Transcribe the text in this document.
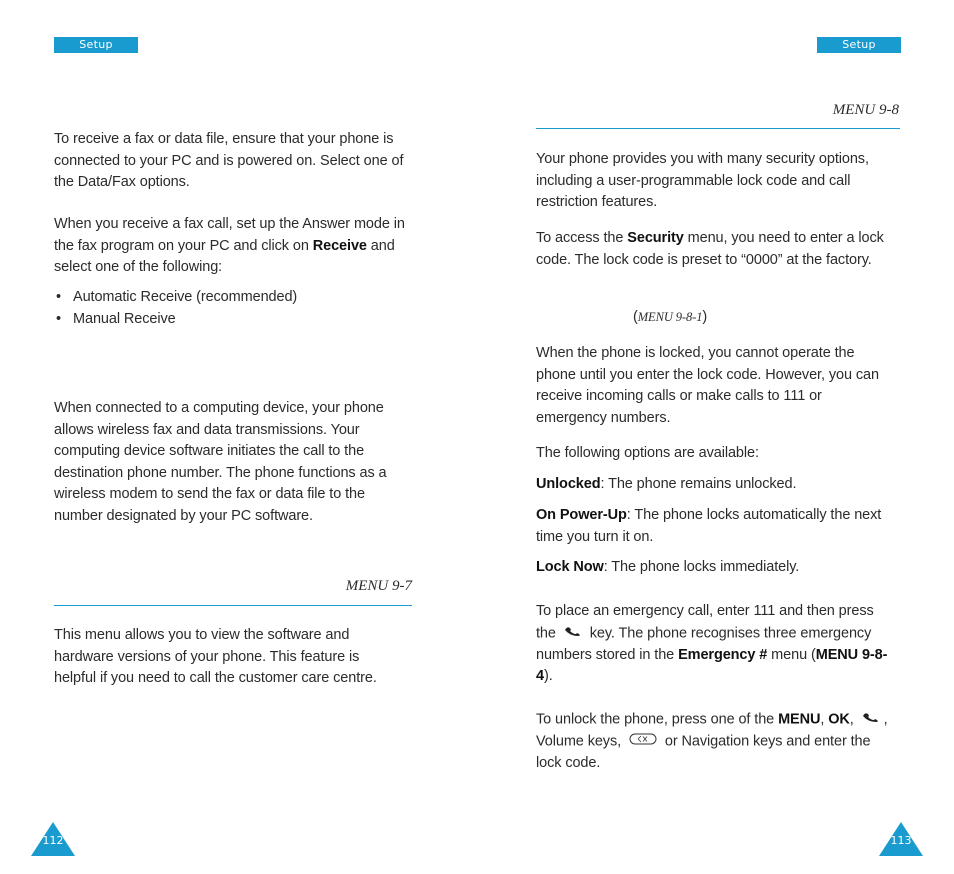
Setup

To receive a fax or data file, ensure that your phone is connected to your PC and is powered on. Select one of the Data/Fax options.

When you receive a fax call, set up the Answer mode in the fax program on your PC and click on Receive and select one of the following:

• Automatic Receive (recommended)
• Manual Receive

When connected to a computing device, your phone allows wireless fax and data transmissions. Your computing device software initiates the call to the destination phone number. The phone functions as a wireless modem to send the fax or data file to the number designated by your PC software.

MENU 9-7

This menu allows you to view the software and hardware versions of your phone. This feature is helpful if you need to call the customer care centre.

112
Setup
MENU 9-8

Your phone provides you with many security options, including a user-programmable lock code and call restriction features.

To access the Security menu, you need to enter a lock code. The lock code is preset to “0000” at the factory.

(MENU 9-8-1)

When the phone is locked, you cannot operate the phone until you enter the lock code. However, you can receive incoming calls or make calls to 111 or emergency numbers.

The following options are available:

Unlocked: The phone remains unlocked.

On Power-Up: The phone locks automatically the next time you turn it on.

Lock Now: The phone locks immediately.

To place an emergency call, enter 111 and then press the  key. The phone recognises three emergency numbers stored in the Emergency # menu (MENU 9-8-4).

To unlock the phone, press one of the MENU, OK, , Volume keys,  or Navigation keys and enter the lock code.

113
